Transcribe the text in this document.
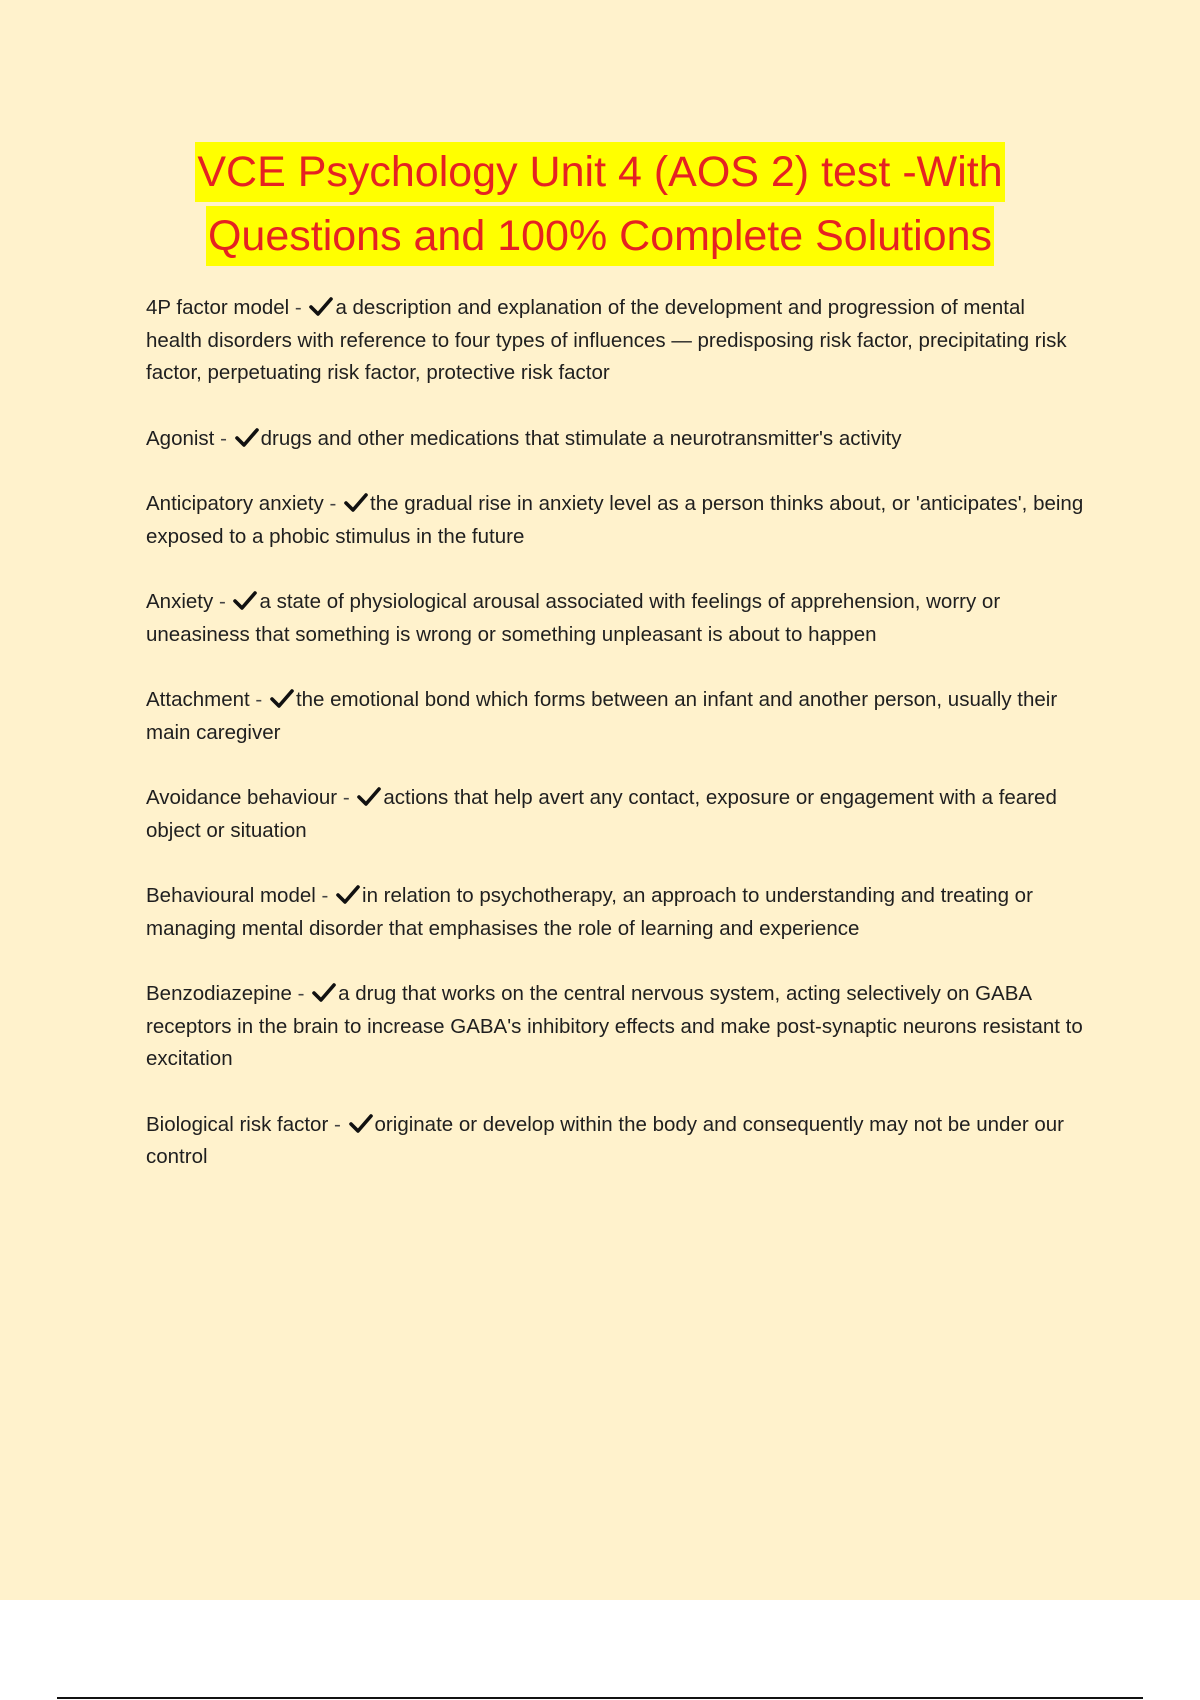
VCE Psychology Unit 4 (AOS 2) test -With
Questions and 100% Complete Solutions

4P factor model - a description and explanation of the development and progression of mental health disorders with reference to four types of influences — predisposing risk factor, precipitating risk factor, perpetuating risk factor, protective risk factor

Agonist - drugs and other medications that stimulate a neurotransmitter's activity

Anticipatory anxiety - the gradual rise in anxiety level as a person thinks about, or 'anticipates', being exposed to a phobic stimulus in the future

Anxiety - a state of physiological arousal associated with feelings of apprehension, worry or uneasiness that something is wrong or something unpleasant is about to happen

Attachment - the emotional bond which forms between an infant and another person, usually their main caregiver

Avoidance behaviour - actions that help avert any contact, exposure or engagement with a feared object or situation

Behavioural model - in relation to psychotherapy, an approach to understanding and treating or managing mental disorder that emphasises the role of learning and experience

Benzodiazepine - a drug that works on the central nervous system, acting selectively on GABA receptors in the brain to increase GABA's inhibitory effects and make post-synaptic neurons resistant to excitation

Biological risk factor - originate or develop within the body and consequently may not be under our control
